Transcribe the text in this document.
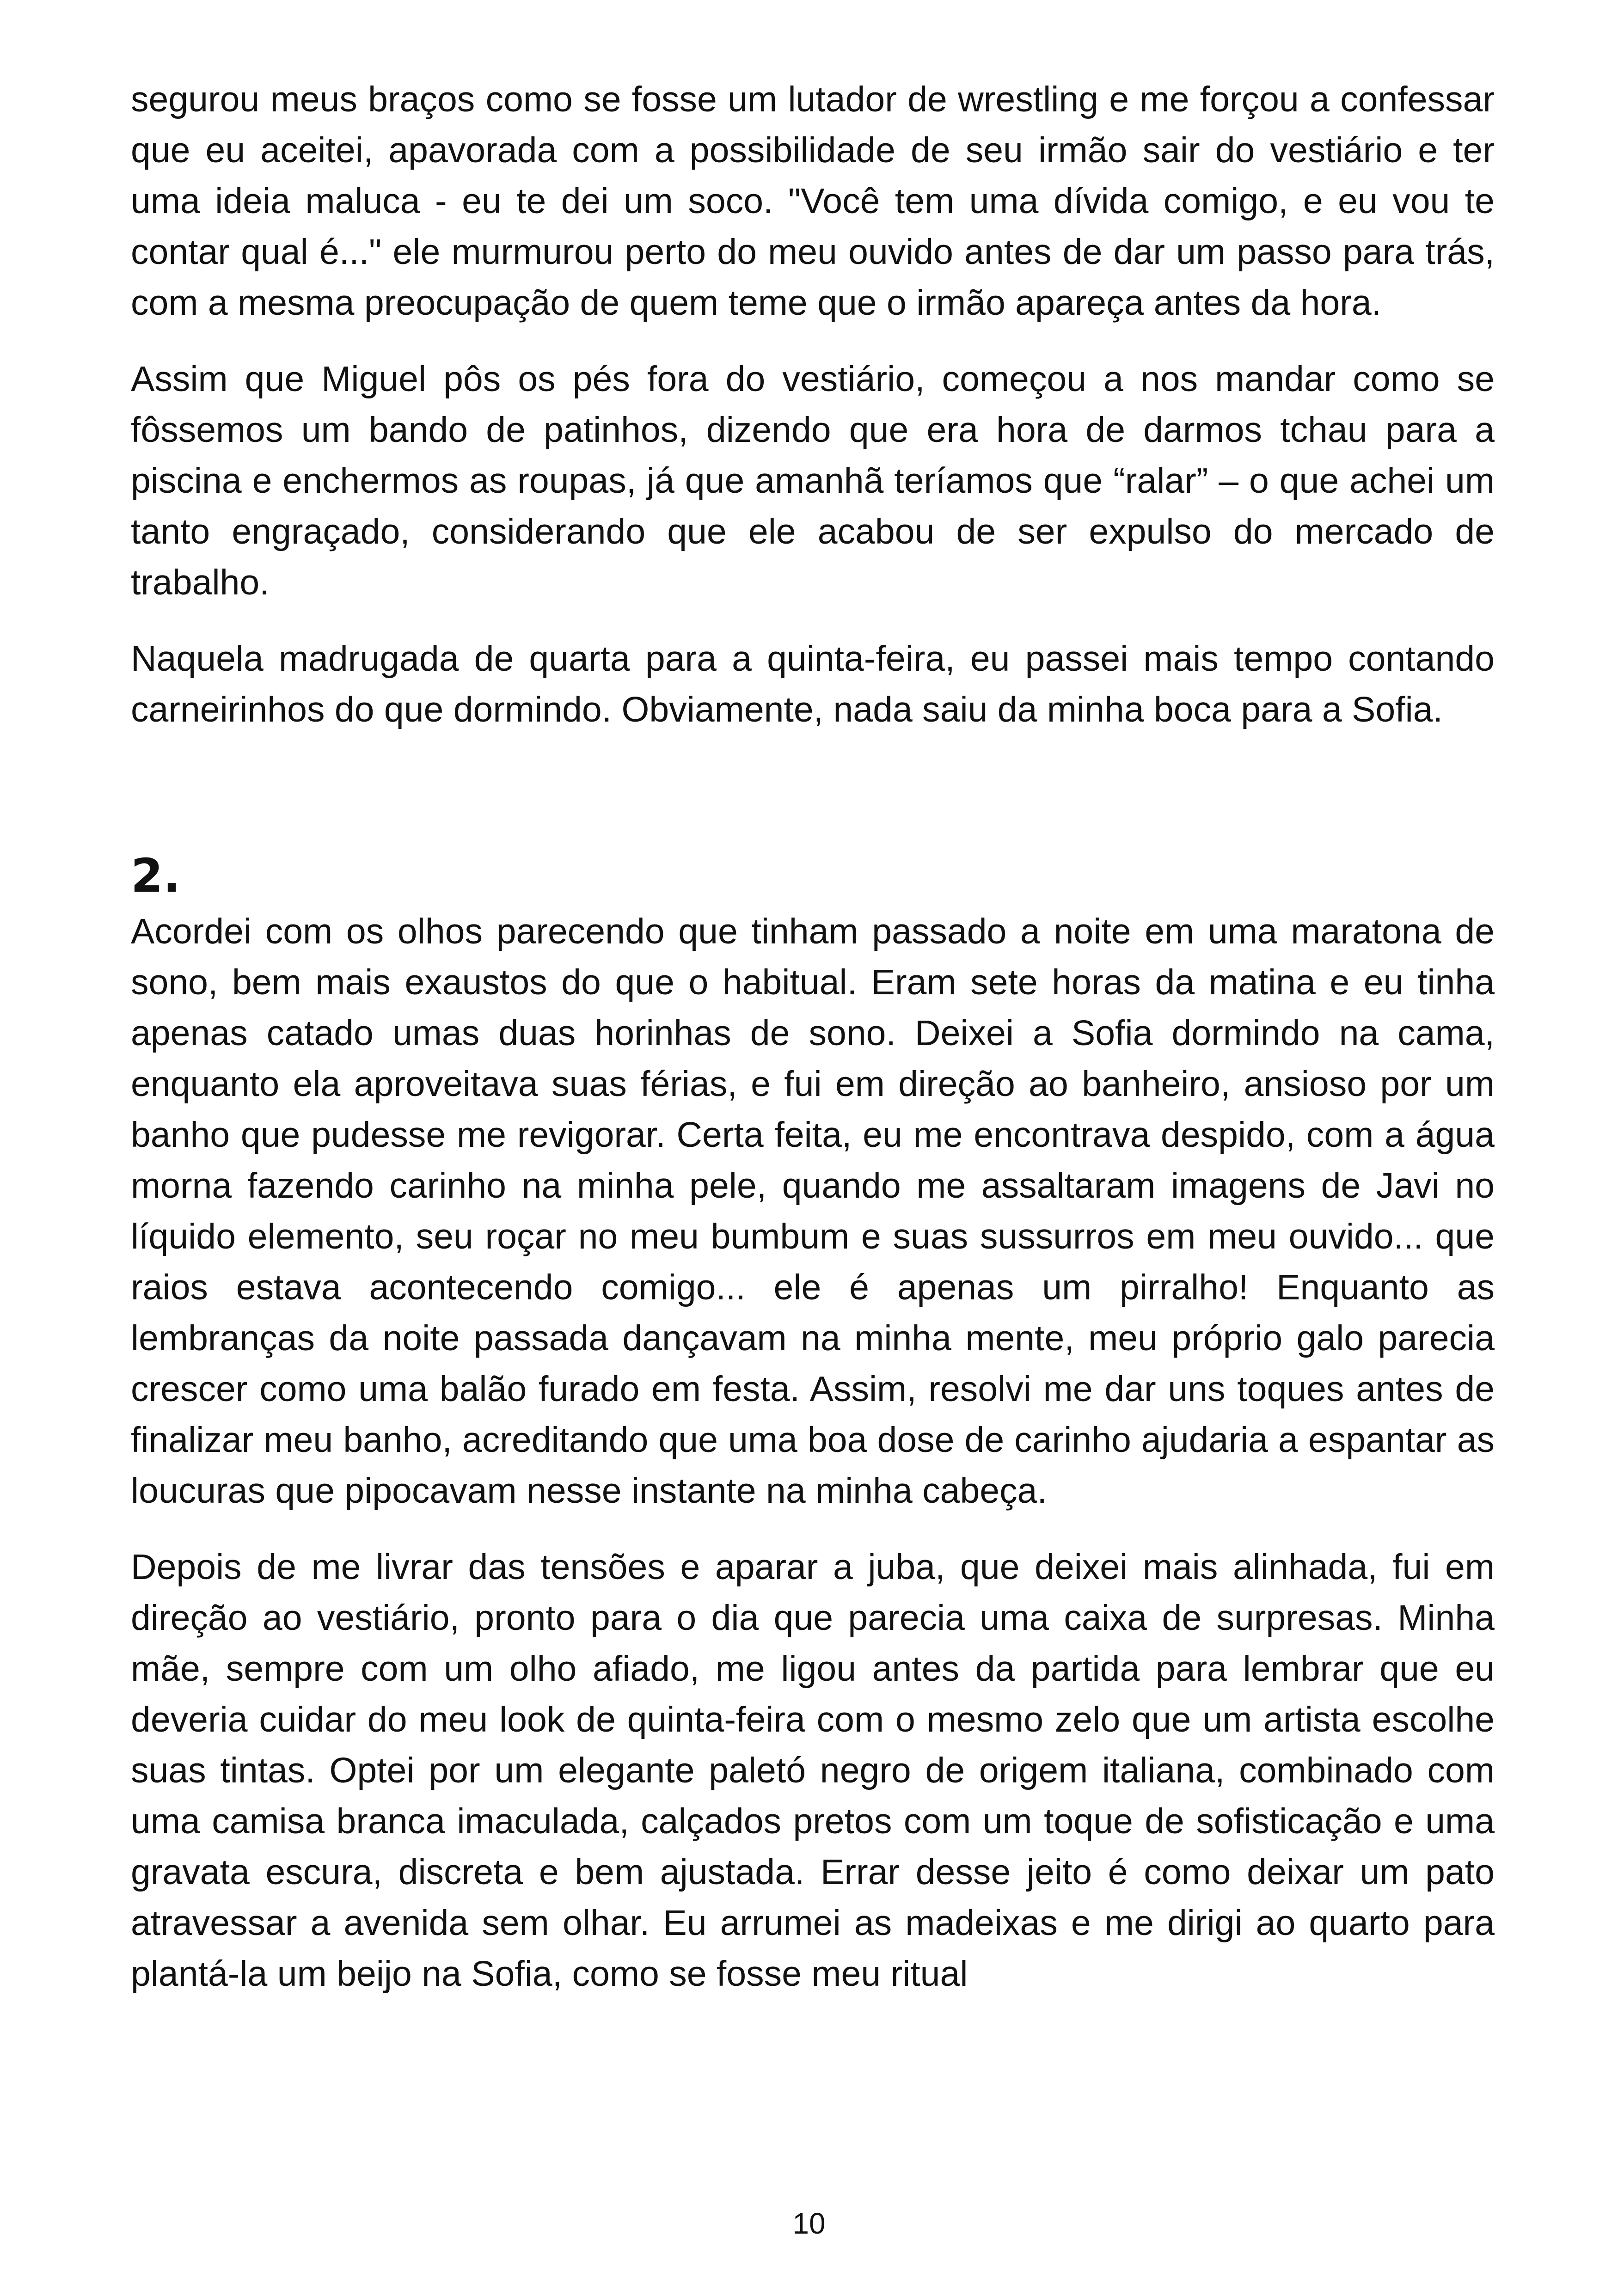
segurou meus braços como se fosse um lutador de wrestling e me forçou a confessar que eu aceitei, apavorada com a possibilidade de seu irmão sair do vestiário e ter uma ideia maluca - eu te dei um soco. "Você tem uma dívida comigo, e eu vou te contar qual é..." ele murmurou perto do meu ouvido antes de dar um passo para trás, com a mesma preocupação de quem teme que o irmão apareça antes da hora.

Assim que Miguel pôs os pés fora do vestiário, começou a nos mandar como se fôssemos um bando de patinhos, dizendo que era hora de darmos tchau para a piscina e enchermos as roupas, já que amanhã teríamos que “ralar” – o que achei um tanto engraçado, considerando que ele acabou de ser expulso do mercado de trabalho.

Naquela madrugada de quarta para a quinta-feira, eu passei mais tempo contando carneirinhos do que dormindo. Obviamente, nada saiu da minha boca para a Sofia.

2.

Acordei com os olhos parecendo que tinham passado a noite em uma maratona de sono, bem mais exaustos do que o habitual. Eram sete horas da matina e eu tinha apenas catado umas duas horinhas de sono. Deixei a Sofia dormindo na cama, enquanto ela aproveitava suas férias, e fui em direção ao banheiro, ansioso por um banho que pudesse me revigorar. Certa feita, eu me encontrava despido, com a água morna fazendo carinho na minha pele, quando me assaltaram imagens de Javi no líquido elemento, seu roçar no meu bumbum e suas sussurros em meu ouvido... que raios estava acontecendo comigo... ele é apenas um pirralho! Enquanto as lembranças da noite passada dançavam na minha mente, meu próprio galo parecia crescer como uma balão furado em festa. Assim, resolvi me dar uns toques antes de finalizar meu banho, acreditando que uma boa dose de carinho ajudaria a espantar as loucuras que pipocavam nesse instante na minha cabeça.

Depois de me livrar das tensões e aparar a juba, que deixei mais alinhada, fui em direção ao vestiário, pronto para o dia que parecia uma caixa de surpresas. Minha mãe, sempre com um olho afiado, me ligou antes da partida para lembrar que eu deveria cuidar do meu look de quinta-feira com o mesmo zelo que um artista escolhe suas tintas. Optei por um elegante paletó negro de origem italiana, combinado com uma camisa branca imaculada, calçados pretos com um toque de sofisticação e uma gravata escura, discreta e bem ajustada. Errar desse jeito é como deixar um pato atravessar a avenida sem olhar. Eu arrumei as madeixas e me dirigi ao quarto para plantá-la um beijo na Sofia, como se fosse meu ritual

10
